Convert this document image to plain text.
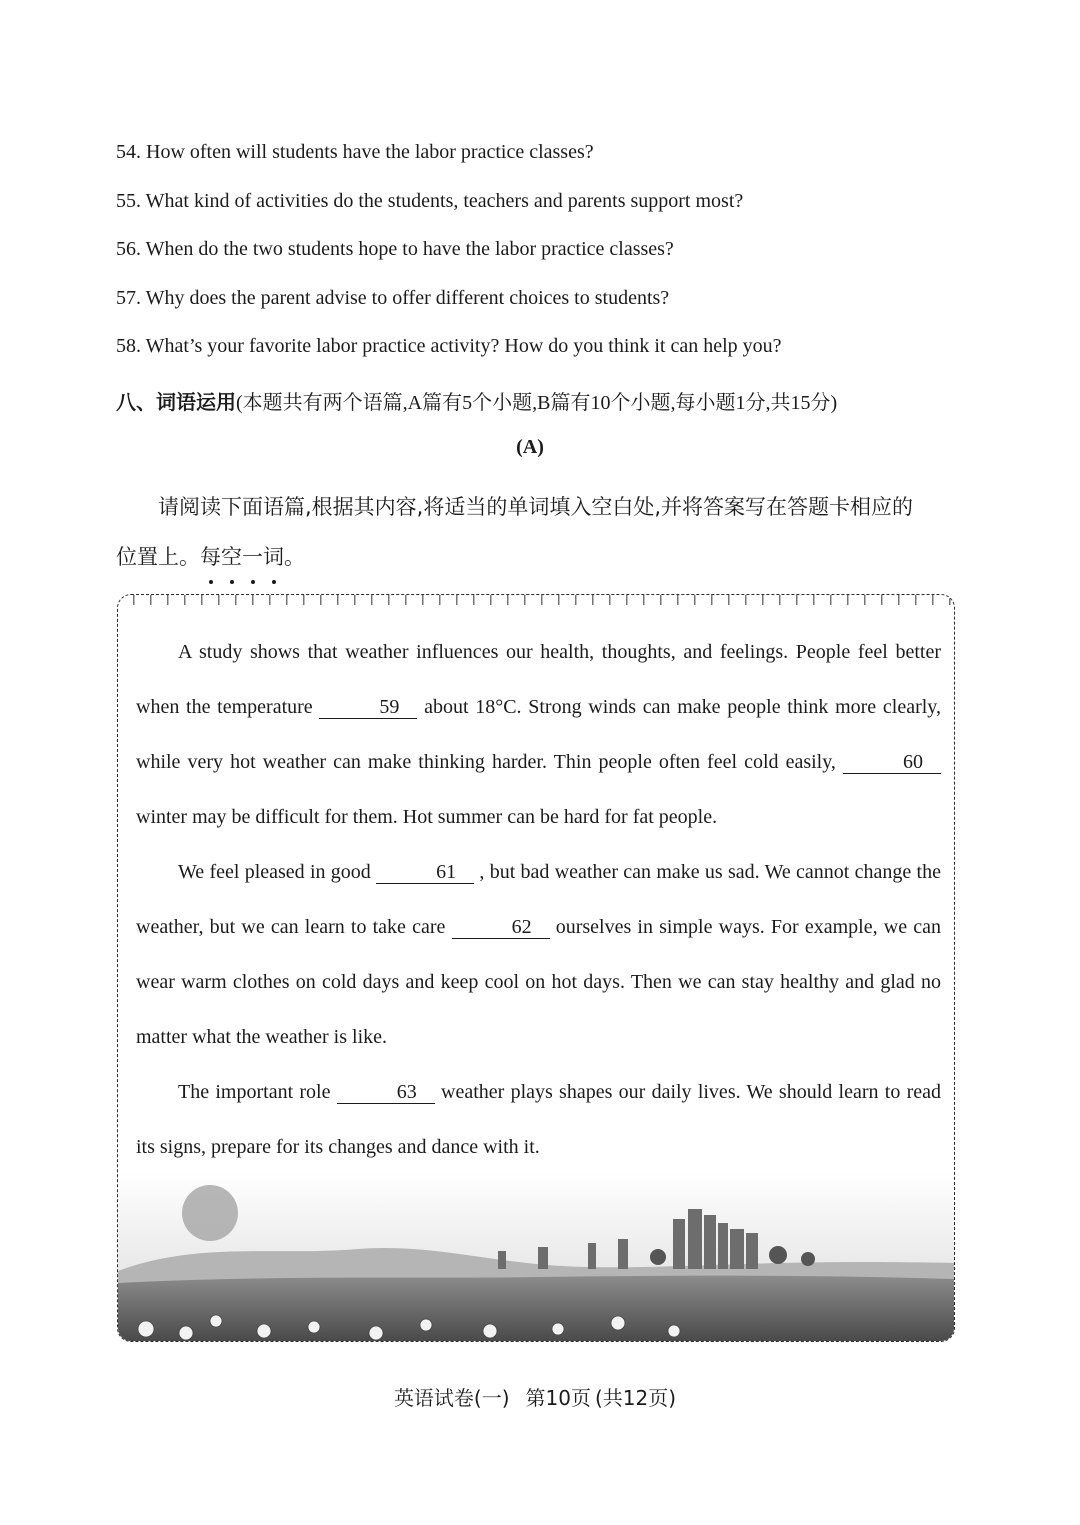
54. How often will students have the labor practice classes?
55. What kind of activities do the students, teachers and parents support most?
56. When do the two students hope to have the labor practice classes?
57. Why does the parent advise to offer different choices to students?
58. What’s your favorite labor practice activity? How do you think it can help you?
八、词语运用(本题共有两个语篇,A篇有5个小题,B篇有10个小题,每小题1分,共15分)
(A)
请阅读下面语篇,根据其内容,将适当的单词填入空白处,并将答案写在答题卡相应的
位置上。每空一词。

A study shows that weather influences our health, thoughts, and feelings. People feel better when the temperature	59 about 18°C. Strong winds can make people think more clearly, while very hot weather can make thinking harder. Thin people often feel cold easily,	60 winter may be difficult for them. Hot summer can be hard for fat people.

We feel pleased in good	61 , but bad weather can make us sad. We cannot change the weather, but we can learn to take care	62 ourselves in simple ways. For example, we can wear warm clothes on cold days and keep cool on hot days. Then we can stay healthy and glad no matter what the weather is like.

The important role	63 weather plays shapes our daily lives. We should learn to read its signs, prepare for its changes and dance with it.

英语试卷(一) 第10页 (共12页)
